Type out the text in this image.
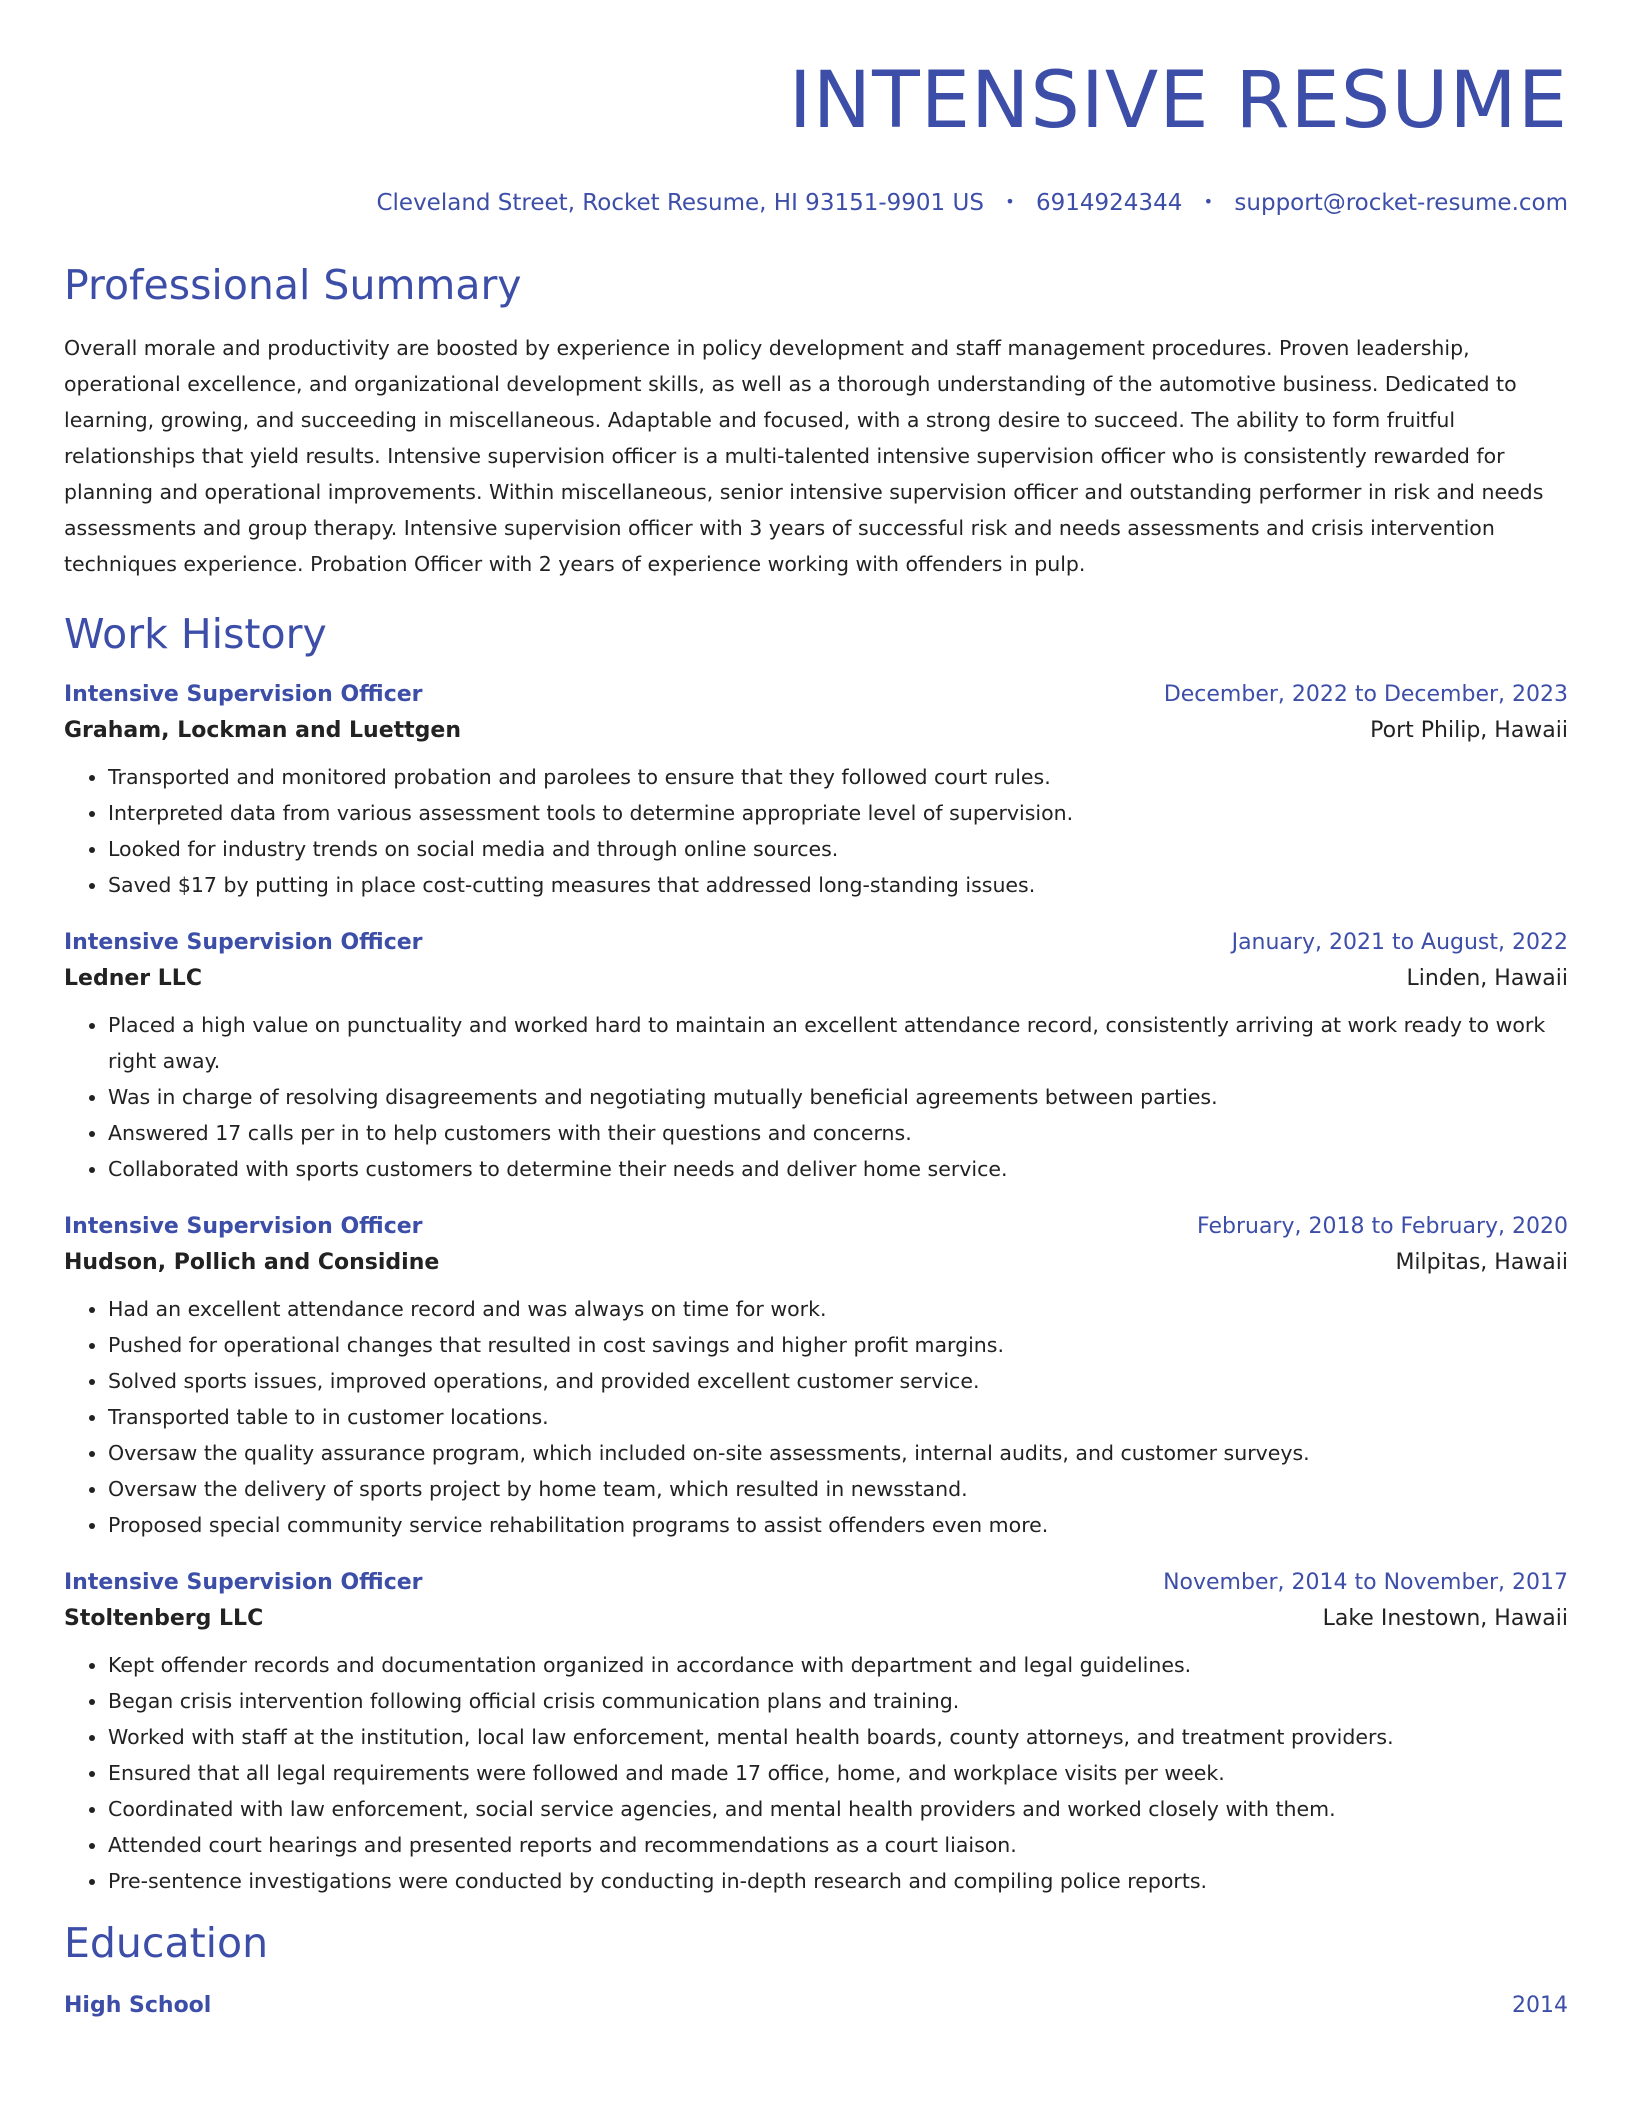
INTENSIVE RESUME
Cleveland Street, Rocket Resume, HI 93151-9901 US • 6914924344 • support@rocket-resume.com
Professional Summary
Overall morale and productivity are boosted by experience in policy development and staff management procedures. Proven leadership, operational excellence, and organizational development skills, as well as a thorough understanding of the automotive business. Dedicated to learning, growing, and succeeding in miscellaneous. Adaptable and focused, with a strong desire to succeed. The ability to form fruitful relationships that yield results. Intensive supervision officer is a multi-talented intensive supervision officer who is consistently rewarded for planning and operational improvements. Within miscellaneous, senior intensive supervision officer and outstanding performer in risk and needs assessments and group therapy. Intensive supervision officer with 3 years of successful risk and needs assessments and crisis intervention techniques experience. Probation Officer with 2 years of experience working with offenders in pulp.
Work History
Intensive Supervision Officer	December, 2022 to December, 2023
Graham, Lockman and Luettgen	Port Philip, Hawaii
• Transported and monitored probation and parolees to ensure that they followed court rules.
• Interpreted data from various assessment tools to determine appropriate level of supervision.
• Looked for industry trends on social media and through online sources.
• Saved $17 by putting in place cost-cutting measures that addressed long-standing issues.
Intensive Supervision Officer	January, 2021 to August, 2022
Ledner LLC	Linden, Hawaii
• Placed a high value on punctuality and worked hard to maintain an excellent attendance record, consistently arriving at work ready to work right away.
• Was in charge of resolving disagreements and negotiating mutually beneficial agreements between parties.
• Answered 17 calls per in to help customers with their questions and concerns.
• Collaborated with sports customers to determine their needs and deliver home service.
Intensive Supervision Officer	February, 2018 to February, 2020
Hudson, Pollich and Considine	Milpitas, Hawaii
• Had an excellent attendance record and was always on time for work.
• Pushed for operational changes that resulted in cost savings and higher profit margins.
• Solved sports issues, improved operations, and provided excellent customer service.
• Transported table to in customer locations.
• Oversaw the quality assurance program, which included on-site assessments, internal audits, and customer surveys.
• Oversaw the delivery of sports project by home team, which resulted in newsstand.
• Proposed special community service rehabilitation programs to assist offenders even more.
Intensive Supervision Officer	November, 2014 to November, 2017
Stoltenberg LLC	Lake Inestown, Hawaii
• Kept offender records and documentation organized in accordance with department and legal guidelines.
• Began crisis intervention following official crisis communication plans and training.
• Worked with staff at the institution, local law enforcement, mental health boards, county attorneys, and treatment providers.
• Ensured that all legal requirements were followed and made 17 office, home, and workplace visits per week.
• Coordinated with law enforcement, social service agencies, and mental health providers and worked closely with them.
• Attended court hearings and presented reports and recommendations as a court liaison.
• Pre-sentence investigations were conducted by conducting in-depth research and compiling police reports.
Education
High School	2014
